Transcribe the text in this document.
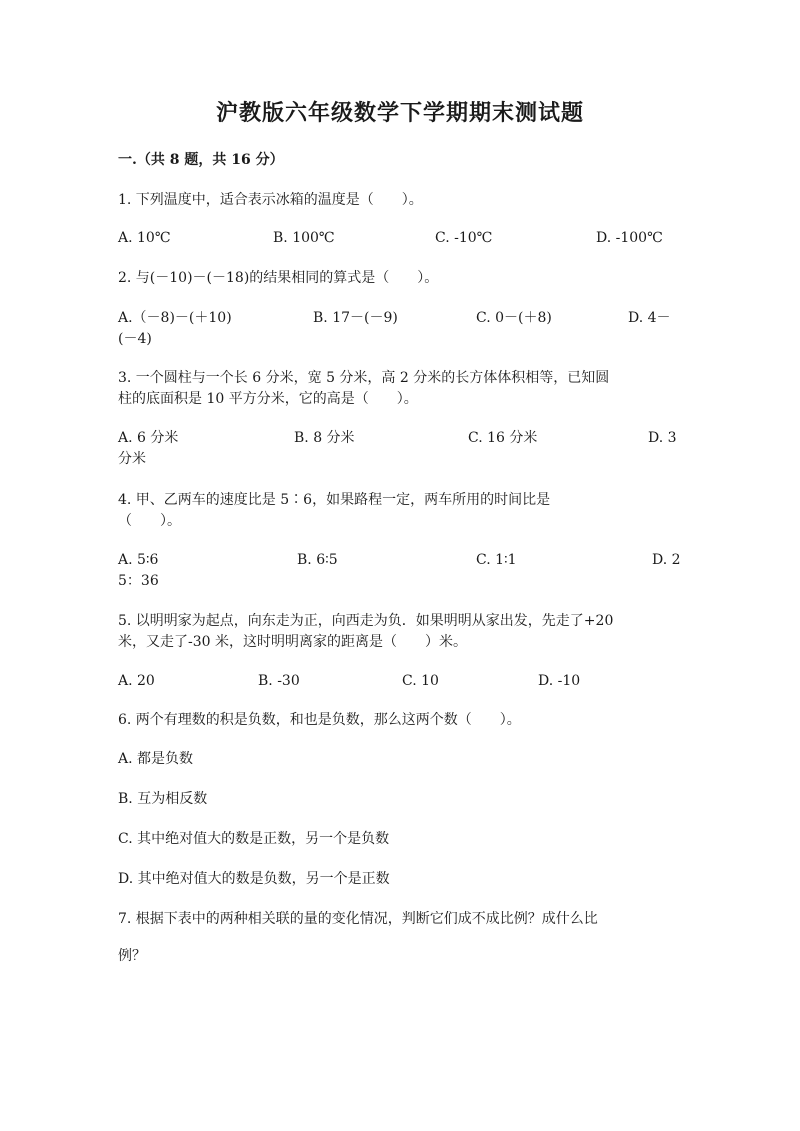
沪教版六年级数学下学期期末测试题
一.（共 8 题，共 16 分）
1. 下列温度中，适合表示冰箱的温度是（　　）。
A. 10℃	B. 100℃	C. -10℃	D. -100℃
2. 与(－10)－(－18)的结果相同的算式是（　　）。
A.（－8)－(＋10)	B. 17－(－9)	C. 0－(＋8)	D. 4－
(－4)
3. 一个圆柱与一个长 6 分米，宽 5 分米，高 2 分米的长方体体积相等，已知圆
柱的底面积是 10 平方分米，它的高是（　　）。
A. 6 分米	B. 8 分米	C. 16 分米	D. 3
分米
4. 甲、乙两车的速度比是 5∶6，如果路程一定，两车所用的时间比是
（　　）。
A. 5∶6	B. 6∶5	C. 1∶1	D. 2
5：36
5. 以明明家为起点，向东走为正，向西走为负．如果明明从家出发，先走了+20
米，又走了-30 米，这时明明离家的距离是（　　）米。
A. 20	B. -30	C. 10	D. -10
6. 两个有理数的积是负数，和也是负数，那么这两个数（　　）。
A. 都是负数
B. 互为相反数
C. 其中绝对值大的数是正数，另一个是负数
D. 其中绝对值大的数是负数，另一个是正数
7. 根据下表中的两种相关联的量的变化情况，判断它们成不成比例？成什么比
例？
